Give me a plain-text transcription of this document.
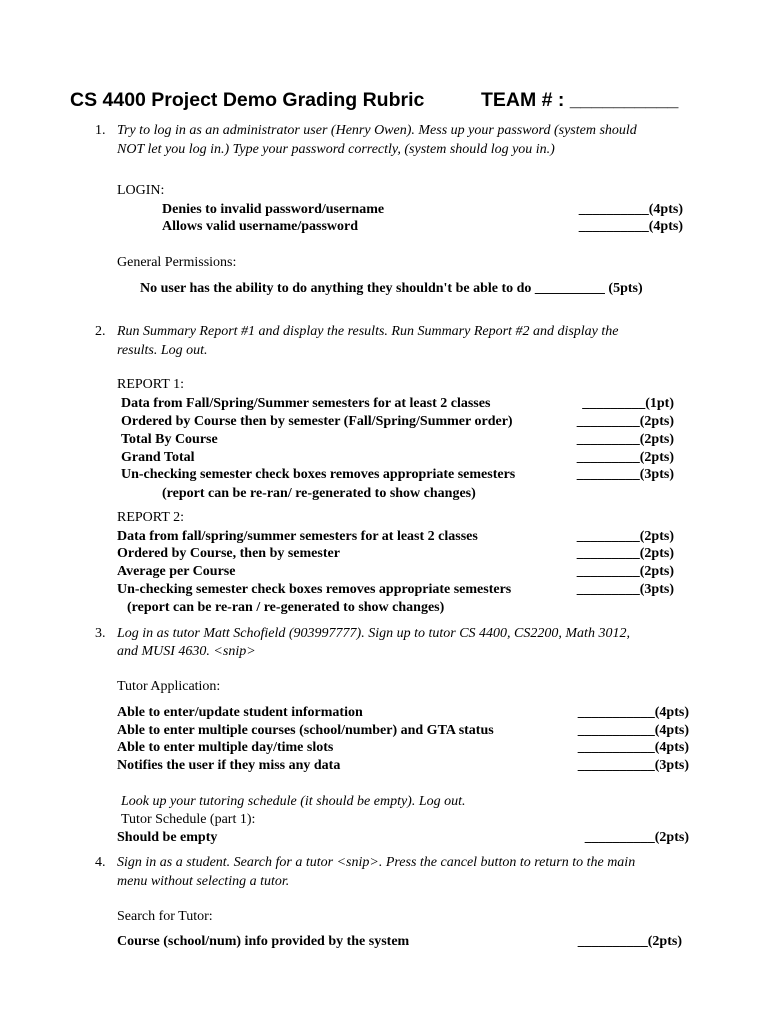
CS 4400 Project Demo Grading Rubric	TEAM # : __________
1. Try to log in as an administrator user (Henry Owen). Mess up your password (system should
NOT let you log in.) Type your password correctly, (system should log you in.)
LOGIN:
Denies to invalid password/username	__________(4pts)
Allows valid username/password	__________(4pts)
General Permissions:
No user has the ability to do anything they shouldn't be able to do __________ (5pts)
2. Run Summary Report #1 and display the results. Run Summary Report #2 and display the
results. Log out.
REPORT 1:
Data from Fall/Spring/Summer semesters for at least 2 classes	_________(1pt)
Ordered by Course then by semester (Fall/Spring/Summer order)	_________(2pts)
Total By Course	_________(2pts)
Grand Total	_________(2pts)
Un-checking semester check boxes removes appropriate semesters	_________(3pts)
(report can be re-ran/ re-generated to show changes)
REPORT 2:
Data from fall/spring/summer semesters for at least 2 classes	_________(2pts)
Ordered by Course, then by semester	_________(2pts)
Average per Course	_________(2pts)
Un-checking semester check boxes removes appropriate semesters	_________(3pts)
(report can be re-ran / re-generated to show changes)
3. Log in as tutor Matt Schofield (903997777). Sign up to tutor CS 4400, CS2200, Math 3012,
and MUSI 4630. <snip>
Tutor Application:
Able to enter/update student information	___________(4pts)
Able to enter multiple courses (school/number) and GTA status	___________(4pts)
Able to enter multiple day/time slots	___________(4pts)
Notifies the user if they miss any data	___________(3pts)
Look up your tutoring schedule (it should be empty). Log out.
Tutor Schedule (part 1):
Should be empty	__________(2pts)
4. Sign in as a student. Search for a tutor <snip>. Press the cancel button to return to the main
menu without selecting a tutor.
Search for Tutor:
Course (school/num) info provided by the system	__________(2pts)
